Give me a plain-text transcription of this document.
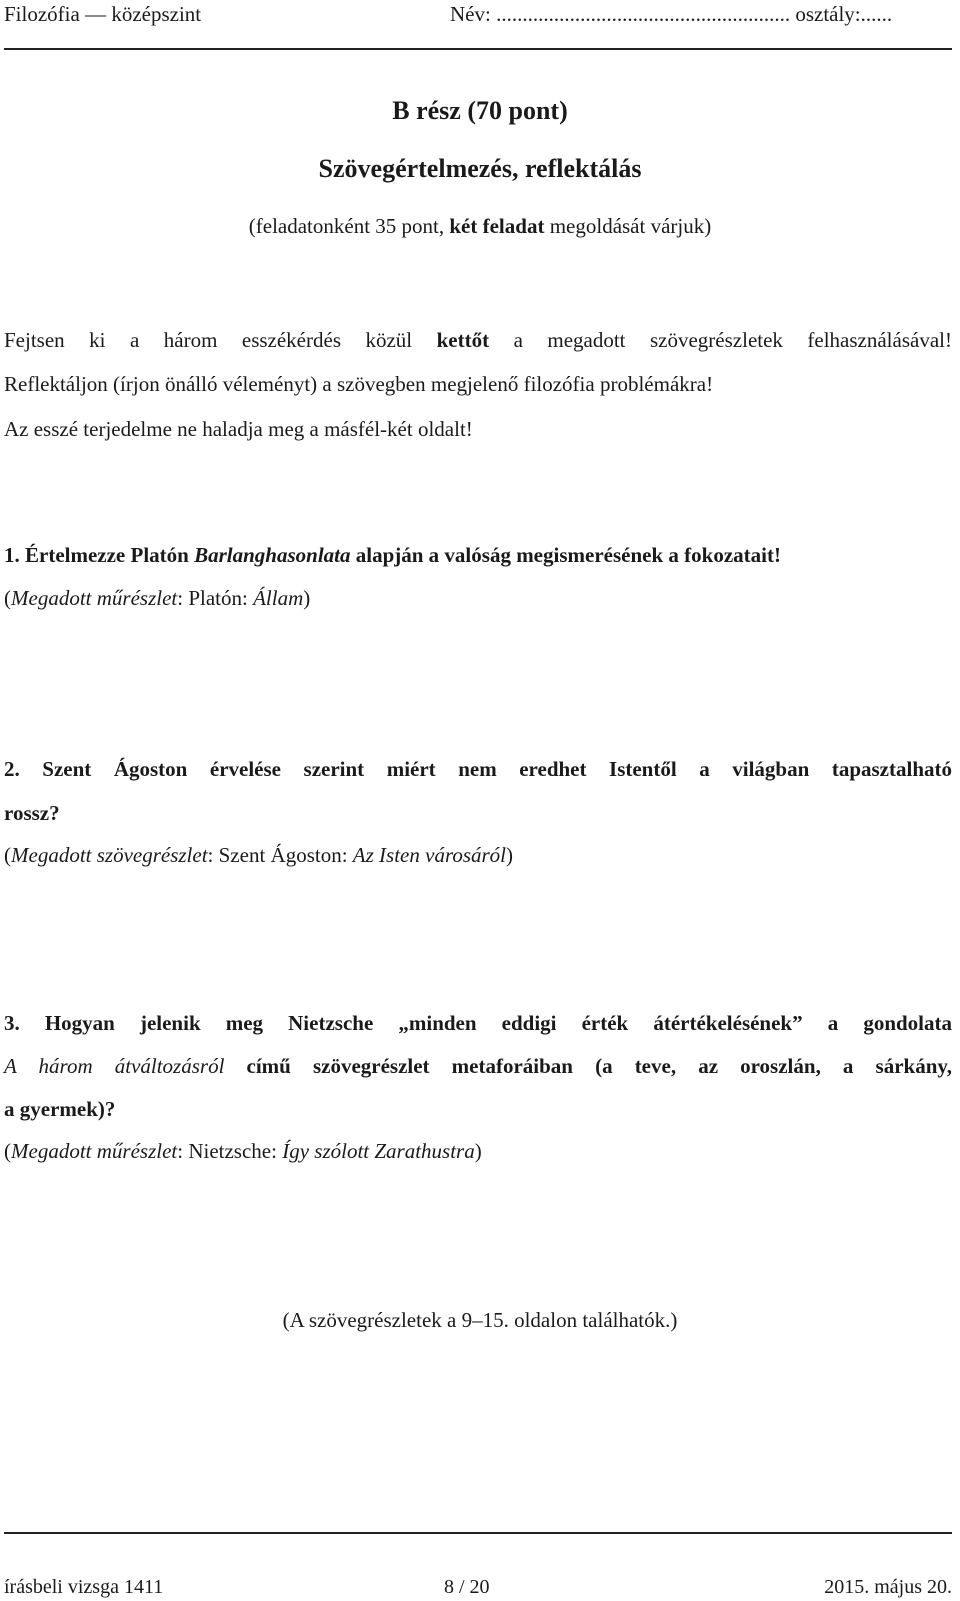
Filozófia — középszint	Név: ........................................................ osztály:......
B rész (70 pont)
Szövegértelmezés, reflektálás
(feladatonként 35 pont, két feladat megoldását várjuk)
Fejtsen ki a három esszékérdés közül kettőt a megadott szövegrészletek felhasználásával!
Reflektáljon (írjon önálló véleményt) a szövegben megjelenő filozófia problémákra!
Az esszé terjedelme ne haladja meg a másfél-két oldalt!
1. Értelmezze Platón Barlanghasonlata alapján a valóság megismerésének a fokozatait!
(Megadott műrészlet: Platón: Állam)
2. Szent Ágoston érvelése szerint miért nem eredhet Istentől a világban tapasztalható
rossz?
(Megadott szövegrészlet: Szent Ágoston: Az Isten városáról)
3. Hogyan jelenik meg Nietzsche „minden eddigi érték átértékelésének” a gondolata
A három átváltozásról című szövegrészlet metaforáiban (a teve, az oroszlán, a sárkány,
a gyermek)?
(Megadott műrészlet: Nietzsche: Így szólott Zarathustra)
(A szövegrészletek a 9–15. oldalon találhatók.)
írásbeli vizsga 1411	8 / 20	2015. május 20.
